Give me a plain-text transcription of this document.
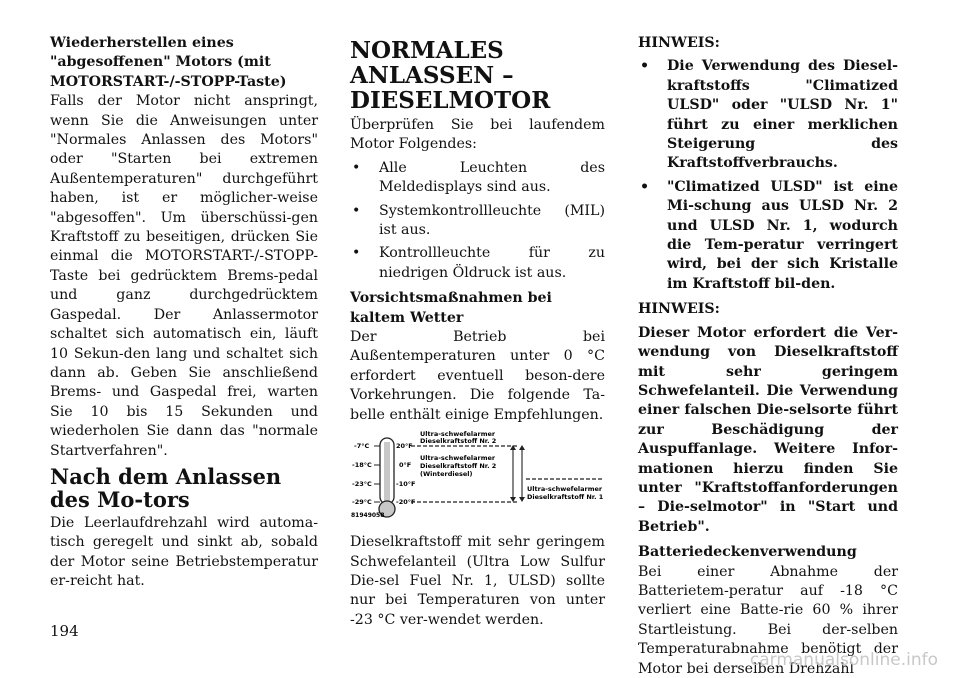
Wiederherstellen eines "abgesoffenen" Motors (mit MOTORSTART-/-STOPP-Taste)

Falls der Motor nicht anspringt, wenn Sie die Anweisungen unter "Normales Anlassen des Motors" oder "Starten bei extremen Außentemperaturen" durchgeführt haben, ist er möglicher-weise "abgesoffen". Um überschüssi-gen Kraftstoff zu beseitigen, drücken Sie einmal die MOTORSTART-/-STOPP-Taste bei gedrücktem Brems-pedal und ganz durchgedrücktem Gaspedal. Der Anlassermotor schaltet sich automatisch ein, läuft 10 Sekun-den lang und schaltet sich dann ab. Geben Sie anschließend Brems- und Gaspedal frei, warten Sie 10 bis 15 Sekunden und wiederholen Sie dann das "normale Startverfahren".

Nach dem Anlassen des Mo-tors

Die Leerlaufdrehzahl wird automa-tisch geregelt und sinkt ab, sobald der Motor seine Betriebstemperatur er-reicht hat.

NORMALES ANLASSEN – DIESELMOTOR

Überprüfen Sie bei laufendem Motor Folgendes:

• Alle Leuchten des Meldedisplays sind aus.
• Systemkontrollleuchte (MIL) ist aus.
• Kontrollleuchte für zu niedrigen Öldruck ist aus.
Vorsichtsmaßnahmen bei kaltem Wetter

Der Betrieb bei Außentemperaturen unter 0 °C erfordert eventuell beson-dere Vorkehrungen. Die folgende Ta-belle enthält einige Empfehlungen.

-7°C
-18°C
-23°C
-29°C
20°F
0°F
-10°F
-20°F
Ultra-schwefelarmer
Dieselkraftstoff Nr. 2
Ultra-schwefelarmer
Dieselkraftstoff Nr. 2
(Winterdiesel)
Ultra-schwefelarmer
Dieselkraftstoff Nr. 1
81949058

Dieselkraftstoff mit sehr geringem Schwefelanteil (Ultra Low Sulfur Die-sel Fuel Nr. 1, ULSD) sollte nur bei Temperaturen von unter -23 °C ver-wendet werden.

HINWEIS:
• Die Verwendung des Diesel-kraftstoffs "Climatized ULSD" oder "ULSD Nr. 1" führt zu einer merklichen Steigerung des Kraftstoffverbrauchs.
• "Climatized ULSD" ist eine Mi-schung aus ULSD Nr. 2 und ULSD Nr. 1, wodurch die Tem-peratur verringert wird, bei der sich Kristalle im Kraftstoff bil-den.
HINWEIS:

Dieser Motor erfordert die Ver-wendung von Dieselkraftstoff mit sehr geringem Schwefelanteil. Die Verwendung einer falschen Die-selsorte führt zur Beschädigung der Auspuffanlage. Weitere Infor-mationen hierzu finden Sie unter "Kraftstoffanforderungen – Die-selmotor" in "Start und Betrieb".

Batteriedeckenverwendung

Bei einer Abnahme der Batterietem-peratur auf -18 °C verliert eine Batte-rie 60 % ihrer Startleistung. Bei der-selben Temperaturabnahme benötigt der Motor bei derselben Drehzahl

194
carmanualsonline.info
